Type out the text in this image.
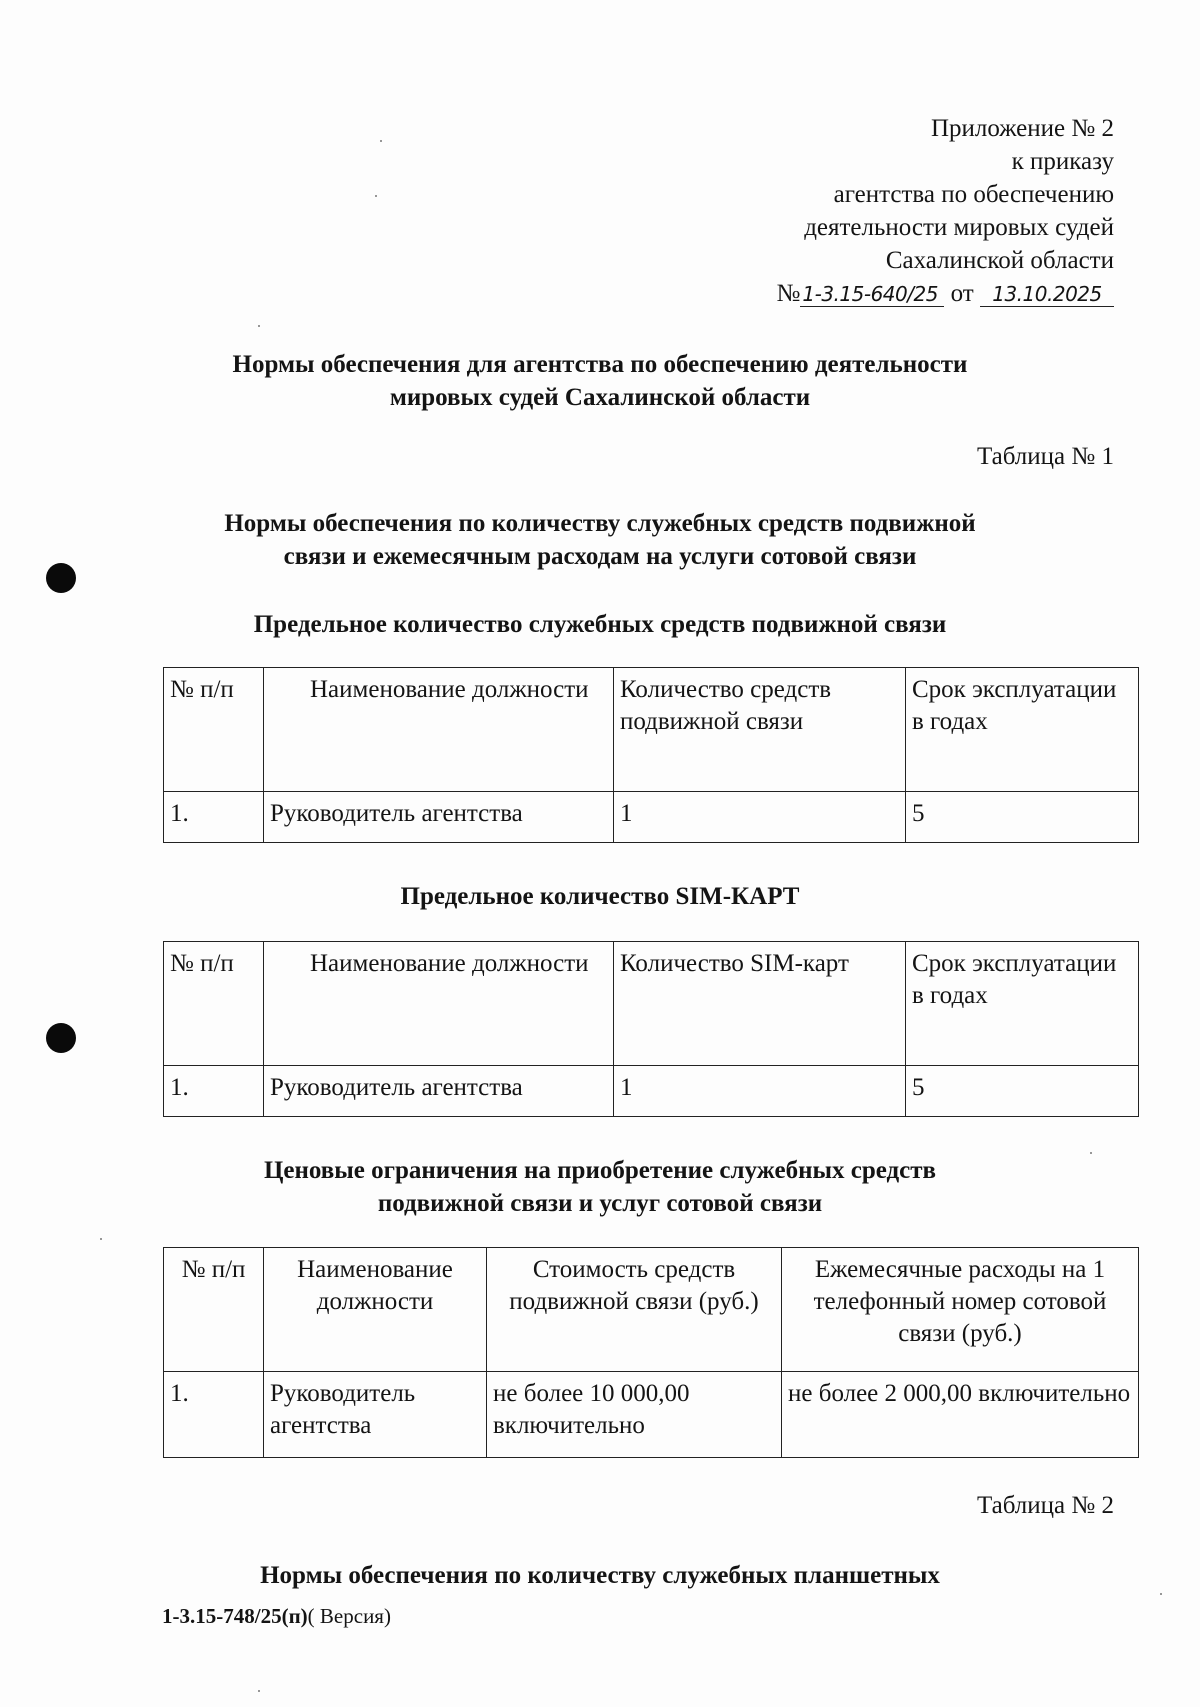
Приложение № 2
к приказу
агентства по обеспечению
деятельности мировых судей
Сахалинской области
№ 1-3.15-640/25 от 13.10.2025
Нормы обеспечения для агентства по обеспечению деятельности
мировых судей Сахалинской области
Таблица № 1
Нормы обеспечения по количеству служебных средств подвижной
связи и ежемесячным расходам на услуги сотовой связи
Предельное количество служебных средств подвижной связи
№ п/п	Наименование должности	Количество средств подвижной связи	Срок эксплуатации в годах
1.	Руководитель агентства	1	5
Предельное количество SIM-КАРТ
№ п/п	Наименование должности	Количество SIM-карт	Срок эксплуатации в годах
1.	Руководитель агентства	1	5
Ценовые ограничения на приобретение служебных средств
подвижной связи и услуг сотовой связи
№ п/п	Наименование должности	Стоимость средств подвижной связи (руб.)	Ежемесячные расходы на 1 телефонный номер сотовой связи (руб.)
1.	Руководитель агентства	не более 10 000,00 включительно	не более 2 000,00 включительно
Таблица № 2
Нормы обеспечения по количеству служебных планшетных
1-3.15-748/25(п)( Версия)
